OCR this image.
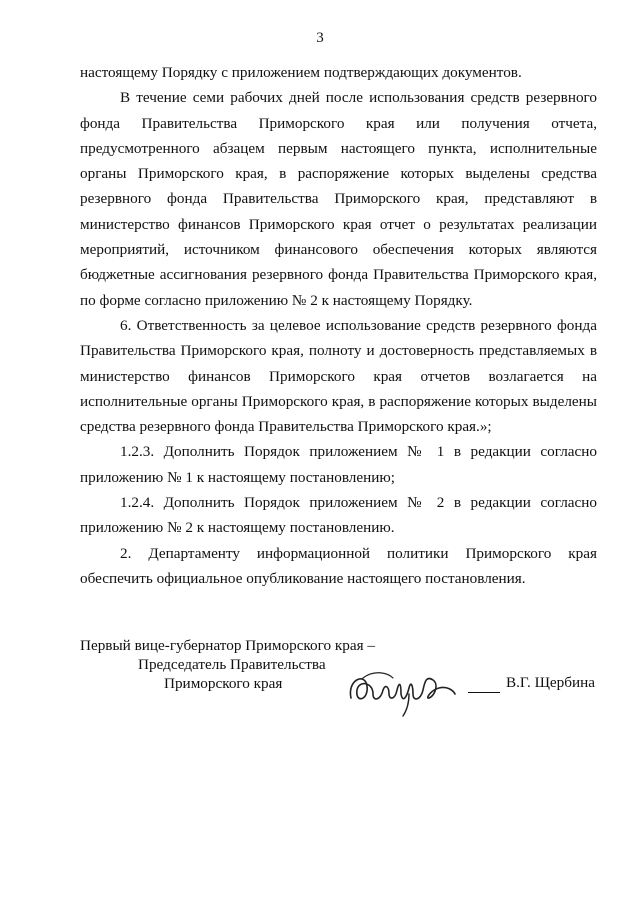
3

настоящему Порядку с приложением подтверждающих документов.

В течение семи рабочих дней после использования средств резервного фонда Правительства Приморского края или получения отчета, предусмотренного абзацем первым настоящего пункта, исполнительные органы Приморского края, в распоряжение которых выделены средства резервного фонда Правительства Приморского края, представляют в министерство финансов Приморского края отчет о результатах реализации мероприятий, источником финансового обеспечения которых являются бюджетные ассигнования резервного фонда Правительства Приморского края, по форме согласно приложению № 2 к настоящему Порядку.

6. Ответственность за целевое использование средств резервного фонда Правительства Приморского края, полноту и достоверность представляемых в министерство финансов Приморского края отчетов возлагается на исполнительные органы Приморского края, в распоряжение которых выделены средства резервного фонда Правительства Приморского края.»;

1.2.3. Дополнить Порядок приложением № 1 в редакции согласно приложению № 1 к настоящему постановлению;

1.2.4. Дополнить Порядок приложением № 2 в редакции согласно приложению № 2 к настоящему постановлению.

2. Департаменту информационной политики Приморского края обеспечить официальное опубликование настоящего постановления.

Первый вице-губернатор Приморского края –
Председатель Правительства
Приморского края	В.Г. Щербина
